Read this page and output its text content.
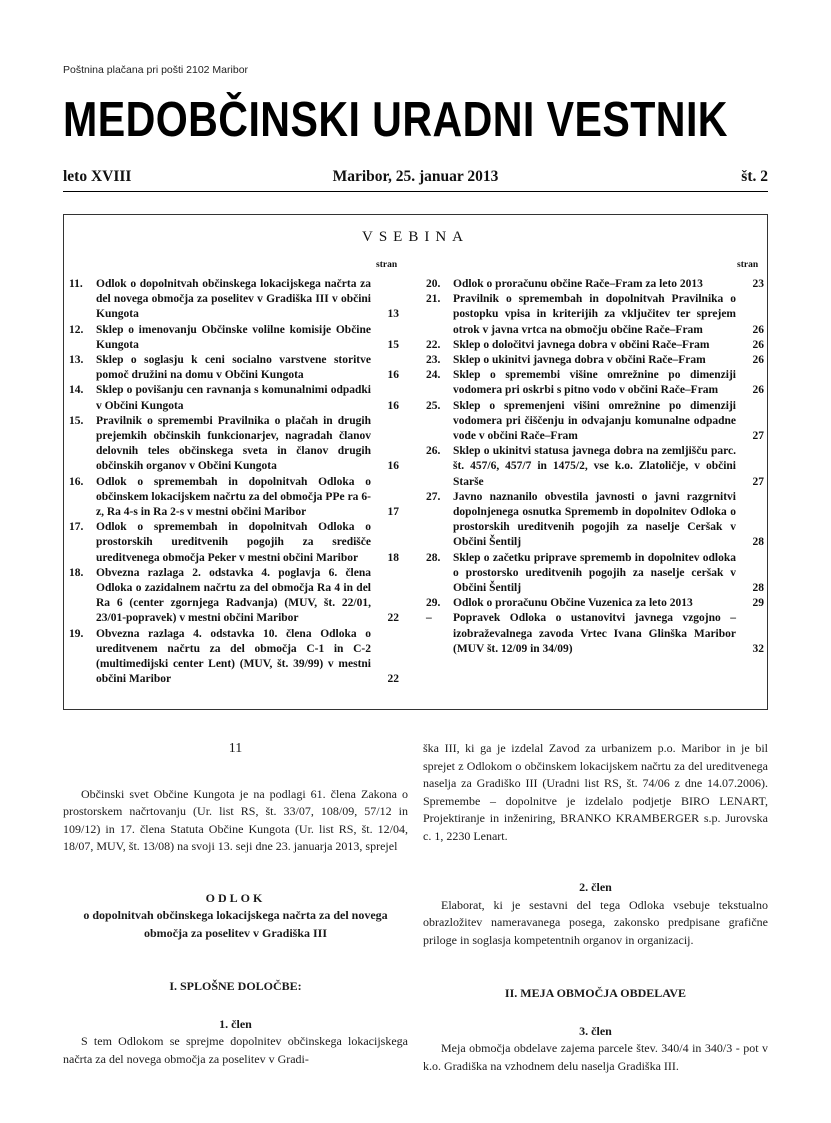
Poštnina plačana pri pošti 2102 Maribor
MEDOBČINSKI URADNI VESTNIK
leto XVIII	Maribor, 25. januar 2013	št. 2
VSEBINA
stran	stran
11.	Odlok o dopolnitvah občinskega lokacijskega načrta za del novega območja za poselitev v Gradiška III v občini Kungota	13
12.	Sklep o imenovanju Občinske volilne komisije Občine Kungota	15
13.	Sklep o soglasju k ceni socialno varstvene storitve pomoč družini na domu v Občini Kungota	16
14.	Sklep o povišanju cen ravnanja s komunalnimi odpadki v Občini Kungota	16
15.	Pravilnik o spremembi Pravilnika o plačah in drugih prejemkih občinskih funkcionarjev, nagradah članov delovnih teles občinskega sveta in članov drugih občinskih organov v Občini Kungota	16
16.	Odlok o spremembah in dopolnitvah Odloka o občinskem lokacijskem načrtu za del območja PPe ra 6-z, Ra 4-s in Ra 2-s v mestni občini Maribor	17
17.	Odlok o spremembah in dopolnitvah Odloka o prostorskih ureditvenih pogojih za središče ureditvenega območja Peker v mestni občini Maribor	18
18.	Obvezna razlaga 2. odstavka 4. poglavja 6. člena Odloka o zazidalnem načrtu za del območja Ra 4 in del Ra 6 (center zgornjega Radvanja) (MUV, št. 22/01, 23/01-popravek) v mestni občini Maribor	22
19.	Obvezna razlaga 4. odstavka 10. člena Odloka o ureditvenem načrtu za del območja C-1 in C-2 (multimedijski center Lent) (MUV, št. 39/99) v mestni občini Maribor	22
20.	Odlok o proračunu občine Rače–Fram za leto 2013	23
21.	Pravilnik o spremembah in dopolnitvah Pravilnika o postopku vpisa in kriterijih za vključitev ter sprejem otrok v javna vrtca na območju občine Rače–Fram	26
22.	Sklep o določitvi javnega dobra v občini Rače–Fram	26
23.	Sklep o ukinitvi javnega dobra v občini Rače–Fram	26
24.	Sklep o spremembi višine omrežnine po dimenziji vodomera pri oskrbi s pitno vodo v občini Rače–Fram	26
25.	Sklep o spremenjeni višini omrežnine po dimenziji vodomera pri čiščenju in odvajanju komunalne odpadne vode v občini Rače–Fram	27
26.	Sklep o ukinitvi statusa javnega dobra na zemljišču parc. št. 457/6, 457/7 in 1475/2, vse k.o. Zlatoličje, v občini Starše	27
27.	Javno naznanilo obvestila javnosti o javni razgrnitvi dopolnjenega osnutka Sprememb in dopolnitev Odloka o prostorskih ureditvenih pogojih za naselje Ceršak v Občini Šentilj	28
28.	Sklep o začetku priprave sprememb in dopolnitev odloka o prostorsko ureditvenih pogojih za naselje ceršak v Občini Šentilj	28
29.	Odlok o proračunu Občine Vuzenica za leto 2013	29
–	Popravek Odloka o ustanovitvi javnega vzgojno – izobraževalnega zavoda Vrtec Ivana Glinška Maribor (MUV št. 12/09 in 34/09)	32
11

Občinski svet Občine Kungota je na podlagi 61. člena Zakona o prostorskem načrtovanju (Ur. list RS, št. 33/07, 108/09, 57/12 in 109/12) in 17. člena Statuta Občine Kungota (Ur. list RS, št. 12/04, 18/07, MUV, št. 13/08) na svoji 13. seji dne 23. januarja 2013, sprejel

ODLOK
o dopolnitvah občinskega lokacijskega načrta za del novega območja za poselitev v Gradiška III
I. SPLOŠNE DOLOČBE:
1. člen

S tem Odlokom se sprejme dopolnitev občinskega lokacijskega načrta za del novega območja za poselitev v Gradi-

ška III, ki ga je izdelal Zavod za urbanizem p.o. Maribor in je bil sprejet z Odlokom o občinskem lokacijskem načrtu za del ureditvenega naselja za Gradiško III (Uradni list RS, št. 74/06 z dne 14.07.2006). Spremembe – dopolnitve je izdelalo podjetje BIRO LENART, Projektiranje in inženiring, BRANKO KRAMBERGER s.p. Jurovska c. 1, 2230 Lenart.

2. člen

Elaborat, ki je sestavni del tega Odloka vsebuje tekstualno obrazložitev nameravanega posega, zakonsko predpisane grafične priloge in soglasja kompetentnih organov in organizacij.

II. MEJA OBMOČJA OBDELAVE
3. člen

Meja območja obdelave zajema parcele štev. 340/4 in 340/3 - pot v k.o. Gradiška na vzhodnem delu naselja Gradiška III.
